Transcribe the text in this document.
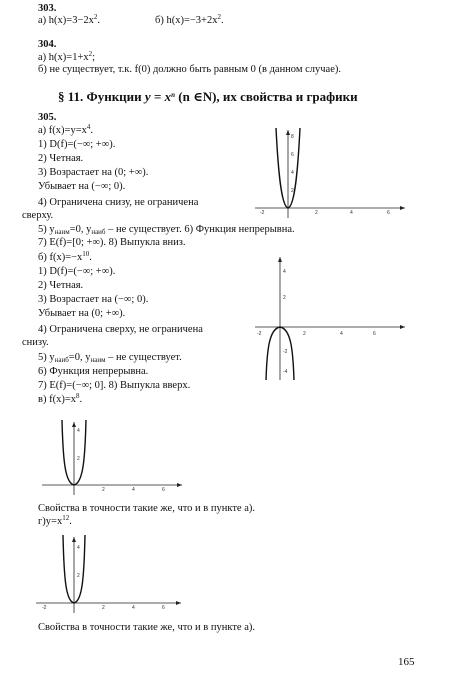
303.
а) $h(x)=3-2x^2$.	б) $h(x)=-3+2x^2$.
304.
а) $h(x)=1+x^2$;
б) не существует, т.к. f(0) должно быть равным 0 (в данном случае).
§ 11. Функции $y = x^n$ (n ∈N), их свойства и графики
305.
а) $f(x)=y=x^4$.
1) D(f)=(−∞; +∞).
2) Четная.
3) Возрастает на (0; +∞).
Убывает на (−∞; 0).
4) Ограничена снизу, не ограничена
сверху.
5) $y_{наим}=0$, $y_{наиб}$ – не существует. 6) Функция непрерывна.
7) E(f)=[0; +∞). 8) Выпукла вниз.
-2	2	4	6
2
4
6
8
б) $f(x)=-x^{10}$.
1) D(f)=(−∞; +∞).
2) Четная.
3) Возрастает на (−∞; 0).
Убывает на (0; +∞).
4) Ограничена сверху, не ограничена
снизу.
5) $y_{наиб}=0$, $y_{наим}$ – не существует.
6) Функция непрерывна.
7) E(f)=(−∞; 0]. 8) Выпукла вверх.
-2	2	4	6
2
4
-2
-4
в) $f(x)=x^8$.
2	4	6
2
4
Свойства в точности такие же, что и в пункте а).
$г)y=x^{12}$.
-2	2	4	6
2
4
Свойства в точности такие же, что и в пункте а).
165
